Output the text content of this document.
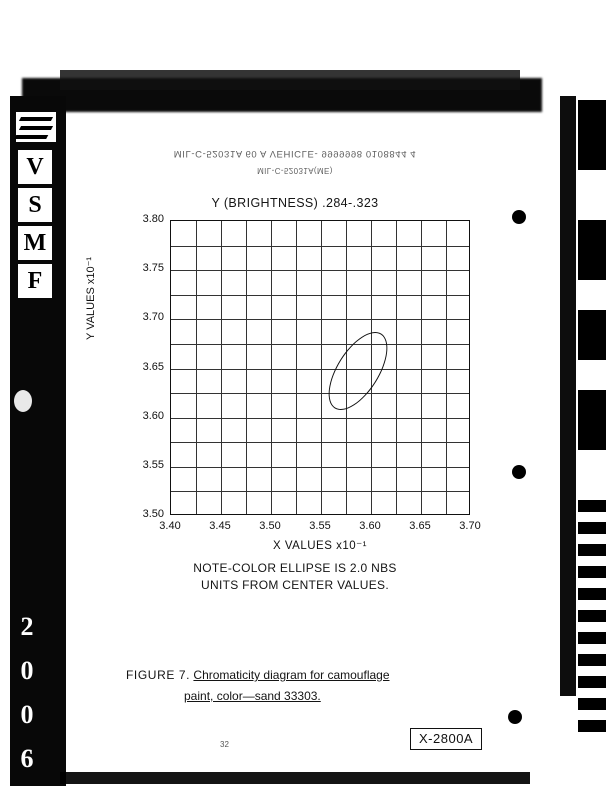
V
S
M
F
2
0
0
6
MIL-C-52031A 60 A VEHICLE- 9999998 0108844 4
MIL-C-52031A(ME)
Y (BRIGHTNESS) .284-.323
3.50
3.55
3.60
3.65
3.70
3.75
3.80
3.40	3.45	3.50	3.55	3.60	3.65	3.70
Y VALUES x10⁻¹
X VALUES x10⁻¹
NOTE-COLOR ELLIPSE IS 2.0 NBS
UNITS FROM CENTER VALUES.
FIGURE 7. Chromaticity diagram for camouflage
paint, color—sand 33303.
32	X-2800A
